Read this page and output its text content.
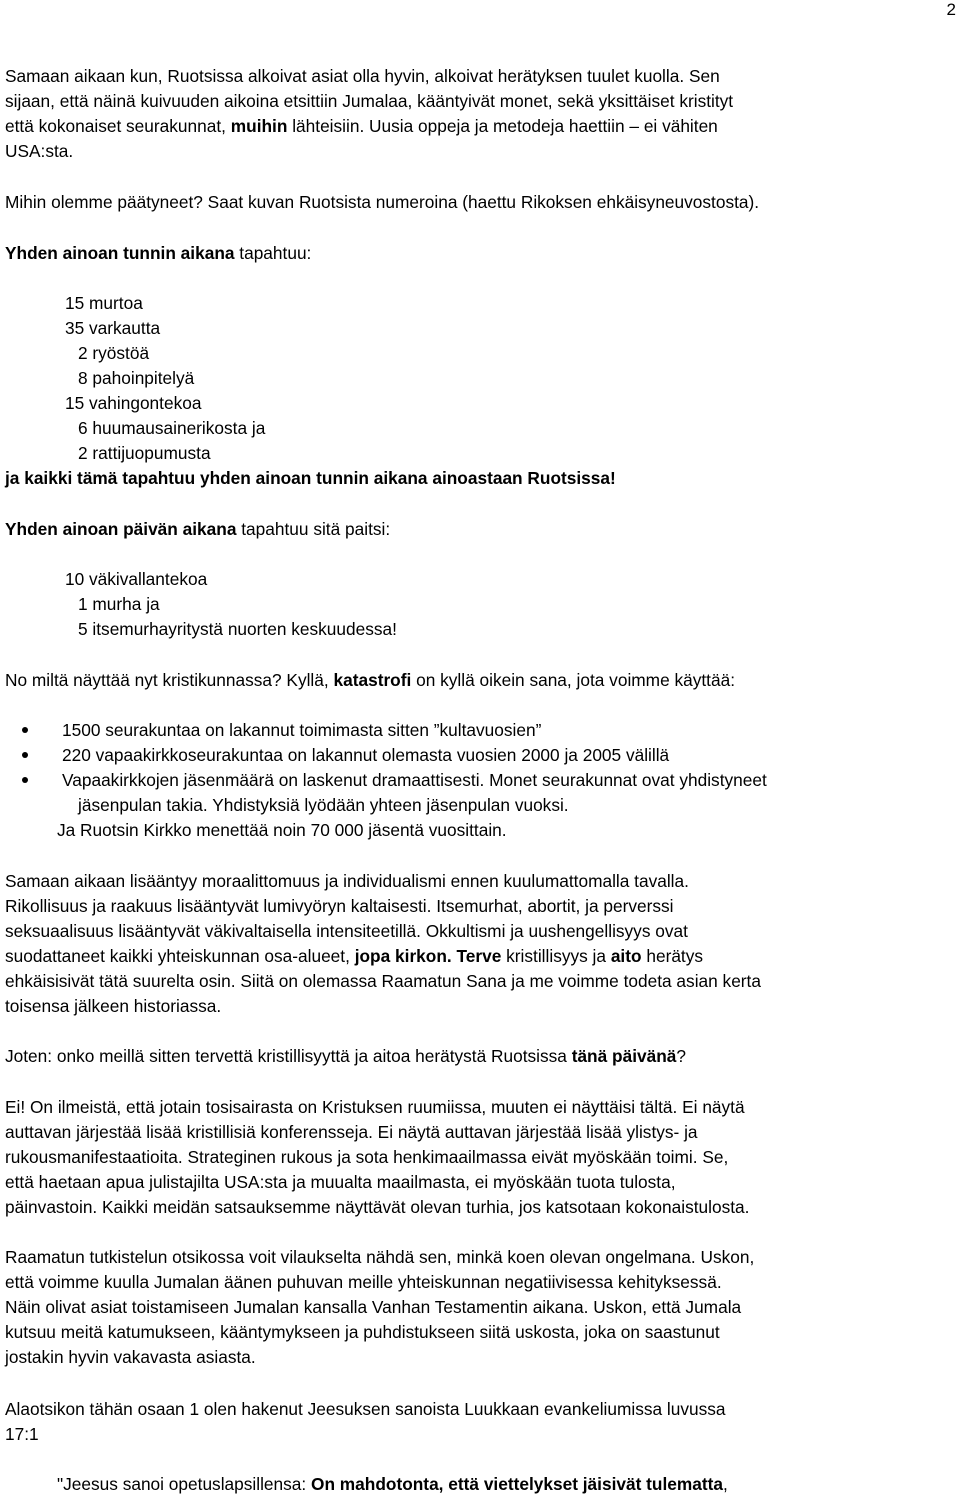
2
Samaan aikaan kun, Ruotsissa alkoivat asiat olla hyvin, alkoivat herätyksen tuulet kuolla. Sen
sijaan, että näinä kuivuuden aikoina etsittiin Jumalaa, kääntyivät monet, sekä yksittäiset kristityt
että kokonaiset seurakunnat, muihin lähteisiin. Uusia oppeja ja metodeja haettiin – ei vähiten
USA:sta.
Mihin olemme päätyneet? Saat kuvan Ruotsista numeroina (haettu Rikoksen ehkäisyneuvostosta).
Yhden ainoan tunnin aikana tapahtuu:
15 murtoa
35 varkautta
2 ryöstöä
8 pahoinpitelyä
15 vahingontekoa
6 huumausainerikosta ja
2 rattijuopumusta
ja kaikki tämä tapahtuu yhden ainoan tunnin aikana ainoastaan Ruotsissa!
Yhden ainoan päivän aikana tapahtuu sitä paitsi:
10 väkivallantekoa
1 murha ja
5 itsemurhayritystä nuorten keskuudessa!
No miltä näyttää nyt kristikunnassa? Kyllä, katastrofi on kyllä oikein sana, jota voimme käyttää:
1500 seurakuntaa on lakannut toimimasta sitten ”kultavuosien”
220 vapaakirkkoseurakuntaa on lakannut olemasta vuosien 2000 ja 2005 välillä
Vapaakirkkojen jäsenmäärä on laskenut dramaattisesti. Monet seurakunnat ovat yhdistyneet
jäsenpulan takia. Yhdistyksiä lyödään yhteen jäsenpulan vuoksi.
Ja Ruotsin Kirkko menettää noin 70 000 jäsentä vuosittain.
Samaan aikaan lisääntyy moraalittomuus ja individualismi ennen kuulumattomalla tavalla.
Rikollisuus ja raakuus lisääntyvät lumivyöryn kaltaisesti. Itsemurhat, abortit, ja perverssi
seksuaalisuus lisääntyvät väkivaltaisella intensiteetillä. Okkultismi ja uushengellisyys ovat
suodattaneet kaikki yhteiskunnan osa-alueet, jopa kirkon. Terve kristillisyys ja aito herätys
ehkäisisivät tätä suurelta osin. Siitä on olemassa Raamatun Sana ja me voimme todeta asian kerta
toisensa jälkeen historiassa.
Joten: onko meillä sitten tervettä kristillisyyttä ja aitoa herätystä Ruotsissa tänä päivänä?
Ei! On ilmeistä, että jotain tosisairasta on Kristuksen ruumiissa, muuten ei näyttäisi tältä. Ei näytä
auttavan järjestää lisää kristillisiä konferensseja. Ei näytä auttavan järjestää lisää ylistys- ja
rukousmanifestaatioita. Strateginen rukous ja sota henkimaailmassa eivät myöskään toimi. Se,
että haetaan apua julistajilta USA:sta ja muualta maailmasta, ei myöskään tuota tulosta,
päinvastoin. Kaikki meidän satsauksemme näyttävät olevan turhia, jos katsotaan kokonaistulosta.
Raamatun tutkistelun otsikossa voit vilaukselta nähdä sen, minkä koen olevan ongelmana. Uskon,
että voimme kuulla Jumalan äänen puhuvan meille yhteiskunnan negatiivisessa kehityksessä.
Näin olivat asiat toistamiseen Jumalan kansalla Vanhan Testamentin aikana. Uskon, että Jumala
kutsuu meitä katumukseen, kääntymykseen ja puhdistukseen siitä uskosta, joka on saastunut
jostakin hyvin vakavasta asiasta.
Alaotsikon tähän osaan 1 olen hakenut Jeesuksen sanoista Luukkaan evankeliumissa luvussa
17:1
"Jeesus sanoi opetuslapsillensa: On mahdotonta, että viettelykset jäisivät tulematta,
